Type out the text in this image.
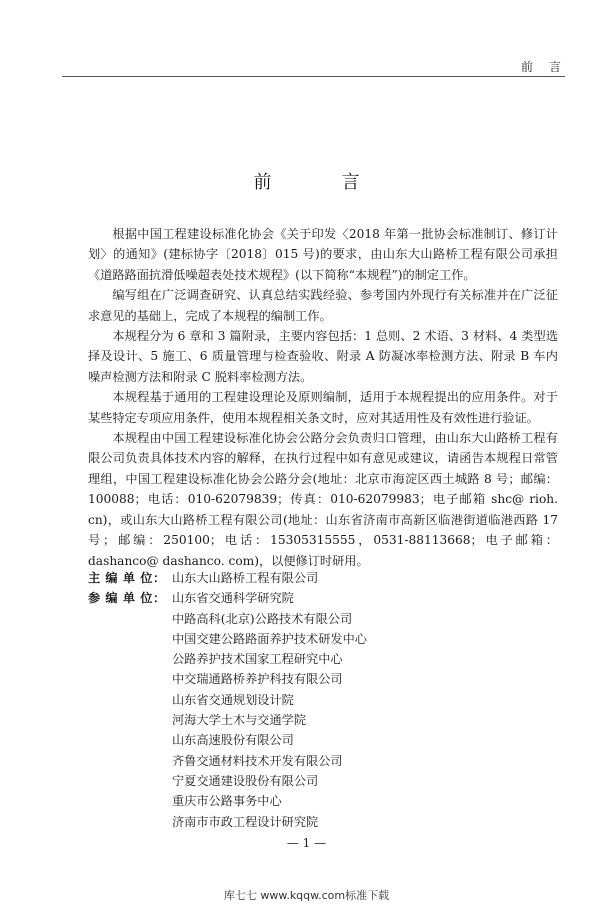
前　言
前　言

根据中国工程建设标准化协会《关于印发〈2018 年第一批协会标准制订、修订计划〉的通知》(建标协字〔2018〕015 号)的要求，由山东大山路桥工程有限公司承担《道路路面抗滑低噪超表处技术规程》(以下简称“本规程”)的制定工作。

编写组在广泛调查研究、认真总结实践经验、参考国内外现行有关标准并在广泛征求意见的基础上，完成了本规程的编制工作。

本规程分为 6 章和 3 篇附录，主要内容包括：1 总则、2 术语、3 材料、4 类型选择及设计、5 施工、6 质量管理与检查验收、附录 A 防凝冰率检测方法、附录 B 车内噪声检测方法和附录 C 脱料率检测方法。

本规程基于通用的工程建设理论及原则编制，适用于本规程提出的应用条件。对于某些特定专项应用条件，使用本规程相关条文时，应对其适用性及有效性进行验证。

本规程由中国工程建设标准化协会公路分会负责归口管理，由山东大山路桥工程有限公司负责具体技术内容的解释，在执行过程中如有意见或建议，请函告本规程日常管理组，中国工程建设标准化协会公路分会(地址：北京市海淀区西土城路 8 号；邮编：100088；电话：010-62079839；传真：010-62079983；电子邮箱 shc@ rioh. cn)，或山东大山路桥工程有限公司(地址：山东省济南市高新区临港街道临港西路 17 号；邮编：250100；电话：15305315555，0531-88113668；电子邮箱：dashanco@ dashanco. com)，以便修订时研用。

主 编 单 位： 山东大山路桥工程有限公司
参 编 单 位： 山东省交通科学研究院
中路高科(北京)公路技术有限公司
中国交建公路路面养护技术研发中心
公路养护技术国家工程研究中心
中交瑞通路桥养护科技有限公司
山东省交通规划设计院
河海大学土木与交通学院
山东高速股份有限公司
齐鲁交通材料技术开发有限公司
宁夏交通建设股份有限公司
重庆市公路事务中心
济南市市政工程设计研究院
— 1 —
库七七 www.kqqw.com标准下载
